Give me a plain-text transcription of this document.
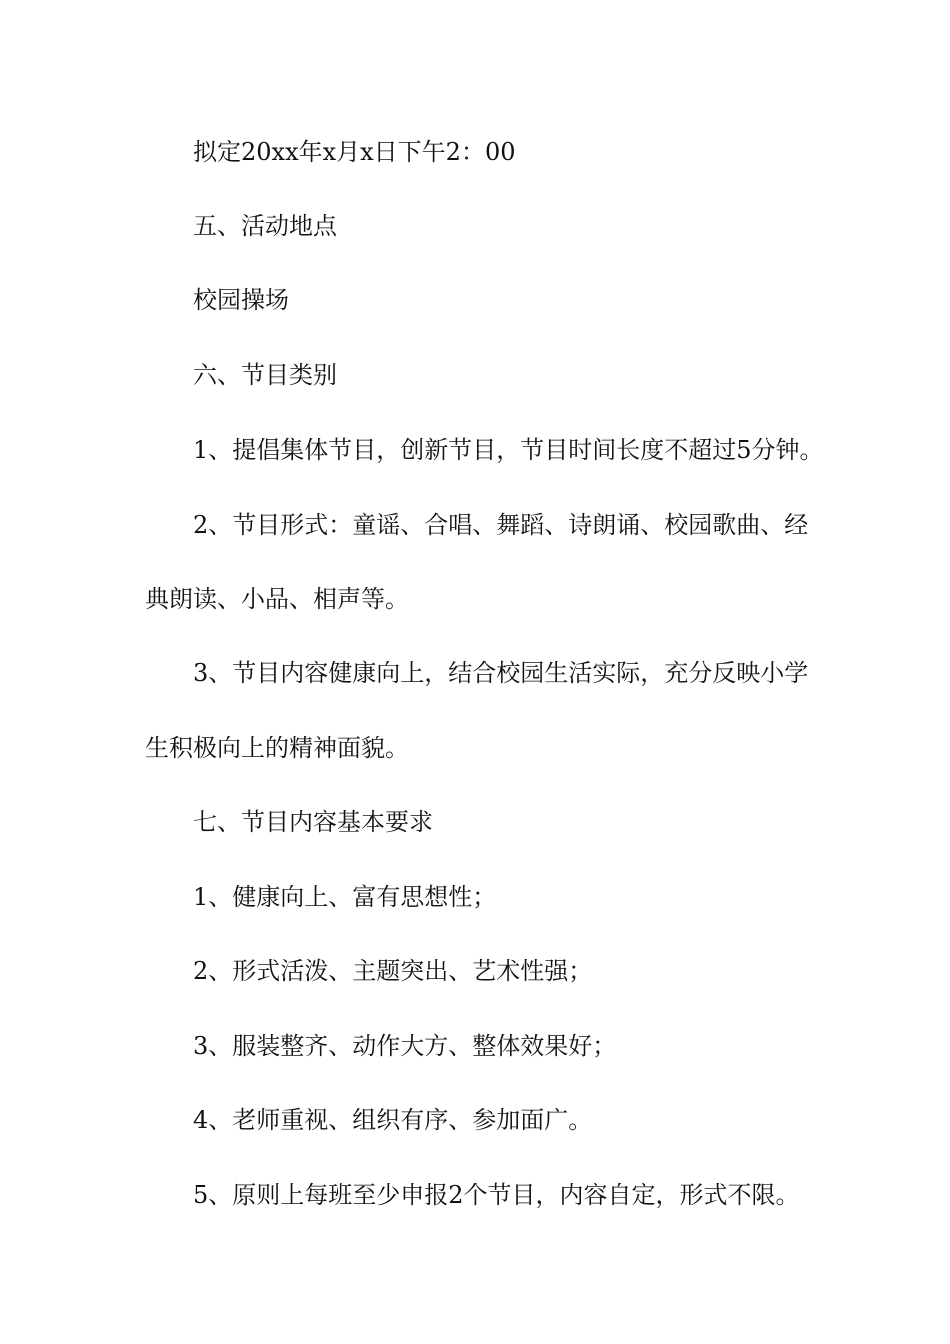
拟定20xx年x月x日下午2：00

五、活动地点

校园操场

六、节目类别

1、提倡集体节目，创新节目，节目时间长度不超过5分钟。

2、节目形式：童谣、合唱、舞蹈、诗朗诵、校园歌曲、经

典朗读、小品、相声等。

3、节目内容健康向上，结合校园生活实际，充分反映小学

生积极向上的精神面貌。

七、节目内容基本要求

1、健康向上、富有思想性；

2、形式活泼、主题突出、艺术性强；

3、服装整齐、动作大方、整体效果好；

4、老师重视、组织有序、参加面广。

5、原则上每班至少申报2个节目，内容自定，形式不限。
